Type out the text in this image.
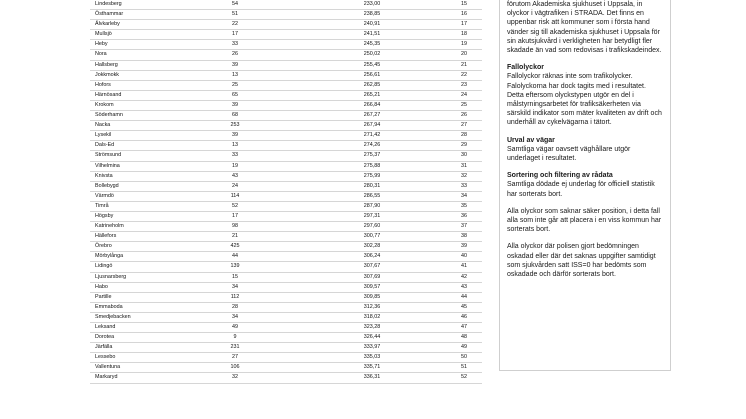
Lindesberg	54	233,00	15
Östhammar	51	238,85	16
Älvkarleby	22	240,91	17
Mullsjö	17	241,51	18
Heby	33	245,35	19
Nora	26	250,02	20
Hallsberg	39	255,45	21
Jokkmokk	13	256,61	22
Hofors	25	262,85	23
Härnösand	65	265,21	24
Krokom	39	266,84	25
Söderhamn	68	267,27	26
Nacka	253	267,94	27
Lysekil	39	271,42	28
Dals-Ed	13	274,26	29
Strömsund	33	275,37	30
Vilhelmina	19	275,88	31
Knivsta	43	275,99	32
Bollebygd	24	280,31	33
Värmdö	114	286,55	34
Timrå	52	287,90	35
Högsby	17	297,31	36
Katrineholm	98	297,60	37
Hällefors	21	300,77	38
Örebro	425	302,28	39
Mörbylånga	44	306,24	40
Lidingö	139	307,67	41
Ljusnarsberg	15	307,69	42
Habo	34	309,57	43
Partille	112	309,85	44
Emmaboda	28	312,36	45
Smedjebacken	34	318,02	46
Leksand	49	323,28	47
Dorotea	9	326,44	48
Järfälla	231	333,97	49
Lessebo	27	335,03	50
Vallentuna	106	335,71	51
Markaryd	32	336,31	52

förutom Akademiska sjukhuset i Uppsala, in olyckor i vägtrafiken i STRADA. Det finns en uppenbar risk att kommuner som i första hand vänder sig till akademiska sjukhuset i Uppsala för sin akutsjukvård i verkligheten har betydligt fler skadade än vad som redovisas i trafikskadeindex.

Fallolyckor

Fallolyckor räknas inte som trafikolycker. Falolyckorna har dock tagits med i resultatet. Detta eftersom olyckstypen utgör en del i målstyrningsarbetet för trafiksäkerheten via särskild indikator som mäter kvaliteten av drift och underhåll av cykelvägarna i tätort.

Urval av vägar

Samtliga vägar oavsett väghållare utgör underlaget i resultatet.

Sortering och filtering av rådata

Samtliga dödade ej underlag för officiell statistik har sorterats bort.

Alla olyckor som saknar säker position, i detta fall alla som inte går att placera i en viss kommun har sorterats bort.

Alla olyckor där polisen gjort bedömningen oskadad eller där det saknas uppgifter samtidigt som sjukvården satt ISS=0 har bedömts som oskadade och därför sorterats bort.
